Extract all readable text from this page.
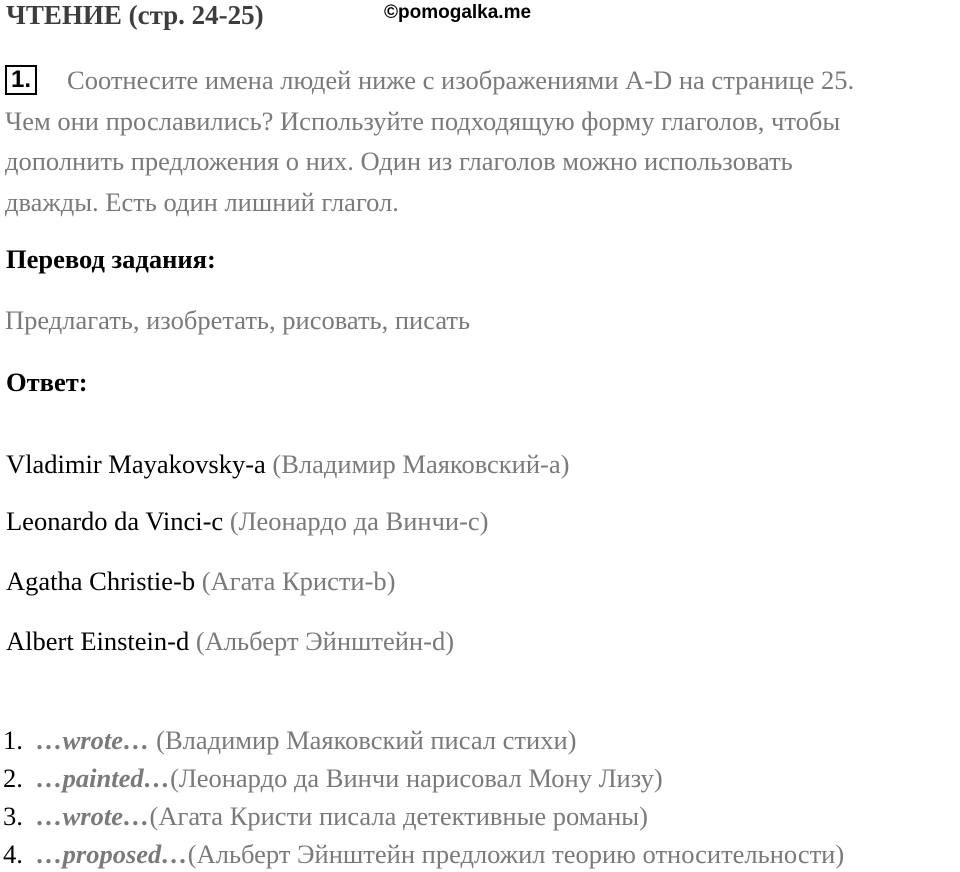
ЧТЕНИЕ (стр. 24-25)	©pomogalka.me
1. Соотнесите имена людей ниже с изображениями A-D на странице 25.
Чем они прославились? Используйте подходящую форму глаголов, чтобы
дополнить предложения о них. Один из глаголов можно использовать
дважды. Есть один лишний глагол.
Перевод задания:
Предлагать, изобретать, рисовать, писать
Ответ:
Vladimir Mayakovsky-a (Владимир Маяковский-а)
Leonardo da Vinci-c (Леонардо да Винчи-с)
Agatha Christie-b (Агата Кристи-b)
Albert Einstein-d (Альберт Эйнштейн-d)
1. …wrote… (Владимир Маяковский писал стихи)
2. …painted…(Леонардо да Винчи нарисовал Мону Лизу)
3. …wrote…(Агата Кристи писала детективные романы)
4. …proposed…(Альберт Эйнштейн предложил теорию относительности)
